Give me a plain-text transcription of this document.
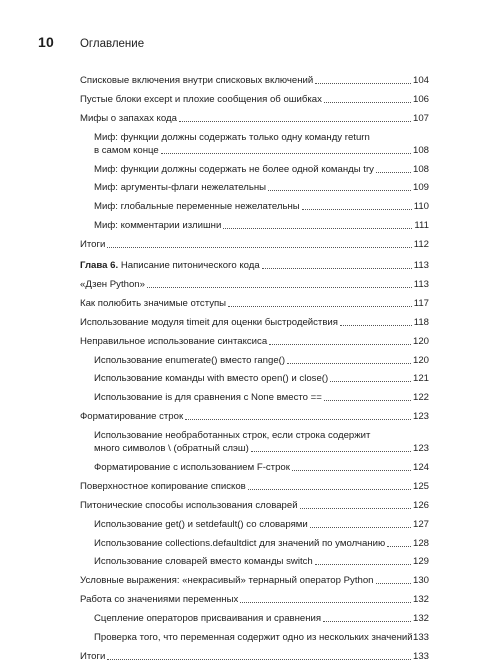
10 Оглавление
Списковые включения внутри списковых включений	104
Пустые блоки except и плохие сообщения об ошибках	106
Мифы о запахах кода	107
Миф: функции должны содержать только одну команду return
в самом конце	108
Миф: функции должны содержать не более одной команды try	108
Миф: аргументы-флаги нежелательны	109
Миф: глобальные переменные нежелательны	110
Миф: комментарии излишни	111
Итоги	112
Глава 6. Написание питонического кода	113
«Дзен Python»	113
Как полюбить значимые отступы	117
Использование модуля timeit для оценки быстродействия	118
Неправильное использование синтаксиса	120
Использование enumerate() вместо range()	120
Использование команды with вместо open() и close()	121
Использование is для сравнения с None вместо ==	122
Форматирование строк	123
Использование необработанных строк, если строка содержит
много символов \ (обратный слэш)	123
Форматирование с использованием F-строк	124
Поверхностное копирование списков	125
Питонические способы использования словарей	126
Использование get() и setdefault() со словарями	127
Использование collections.defaultdict для значений по умолчанию	128
Использование словарей вместо команды switch	129
Условные выражения: «некрасивый» тернарный оператор Python	130
Работа со значениями переменных	132
Сцепление операторов присваивания и сравнения	132
Проверка того, что переменная содержит одно из нескольких значений 133
Итоги	133
